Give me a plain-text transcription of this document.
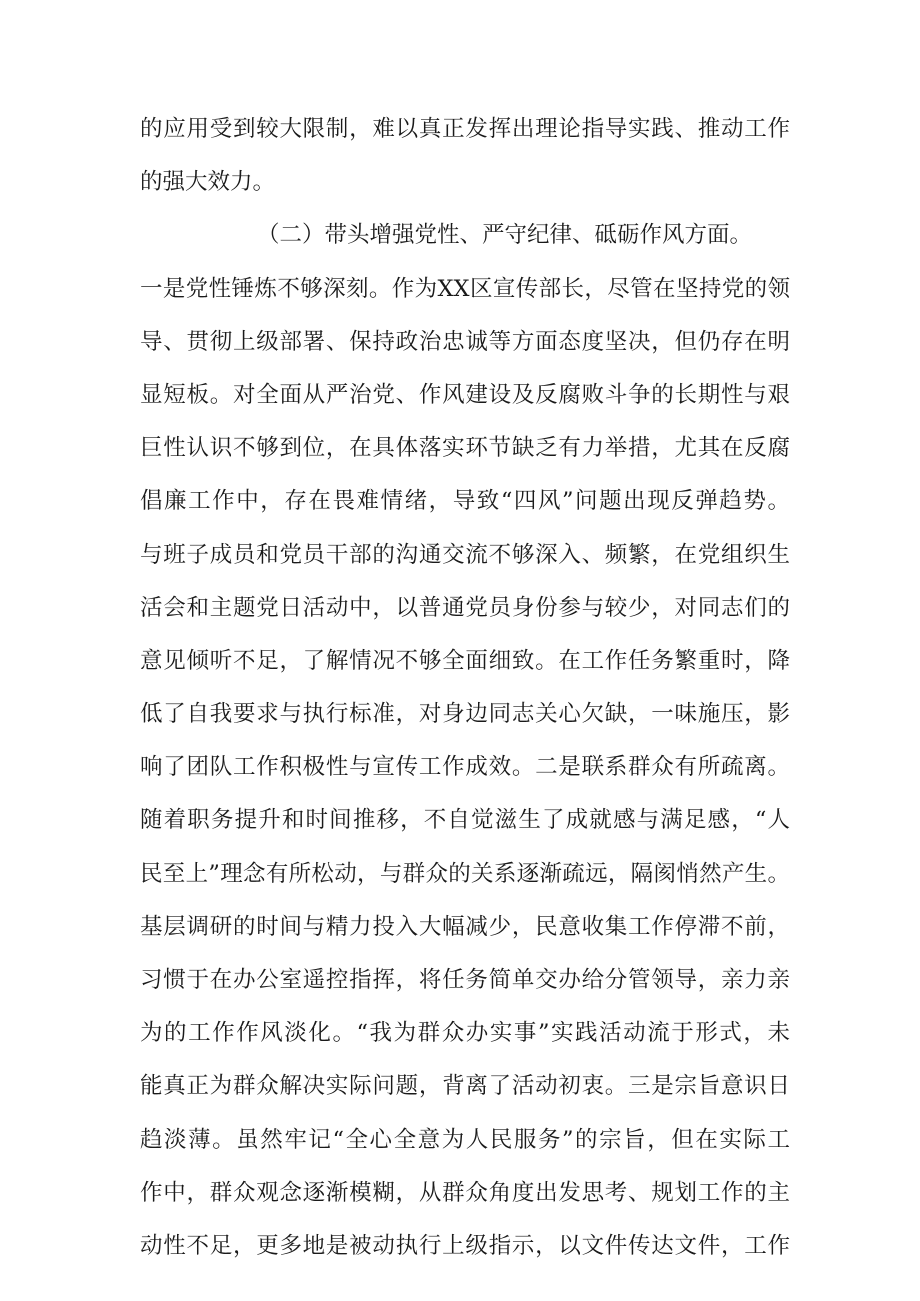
的应用受到较大限制，难以真正发挥出理论指导实践、推动工作
的强大效力。
（二）带头增强党性、严守纪律、砥砺作风方面。
一是党性锤炼不够深刻。作为XX区宣传部长，尽管在坚持党的领
导、贯彻上级部署、保持政治忠诚等方面态度坚决，但仍存在明
显短板。对全面从严治党、作风建设及反腐败斗争的长期性与艰
巨性认识不够到位，在具体落实环节缺乏有力举措，尤其在反腐
倡廉工作中，存在畏难情绪，导致“四风”问题出现反弹趋势。
与班子成员和党员干部的沟通交流不够深入、频繁，在党组织生
活会和主题党日活动中，以普通党员身份参与较少，对同志们的
意见倾听不足，了解情况不够全面细致。在工作任务繁重时，降
低了自我要求与执行标准，对身边同志关心欠缺，一味施压，影
响了团队工作积极性与宣传工作成效。二是联系群众有所疏离。
随着职务提升和时间推移，不自觉滋生了成就感与满足感，“人
民至上”理念有所松动，与群众的关系逐渐疏远，隔阂悄然产生。
基层调研的时间与精力投入大幅减少，民意收集工作停滞不前，
习惯于在办公室遥控指挥，将任务简单交办给分管领导，亲力亲
为的工作作风淡化。“我为群众办实事”实践活动流于形式，未
能真正为群众解决实际问题，背离了活动初衷。三是宗旨意识日
趋淡薄。虽然牢记“全心全意为人民服务”的宗旨，但在实际工
作中，群众观念逐渐模糊，从群众角度出发思考、规划工作的主
动性不足，更多地是被动执行上级指示，以文件传达文件，工作
